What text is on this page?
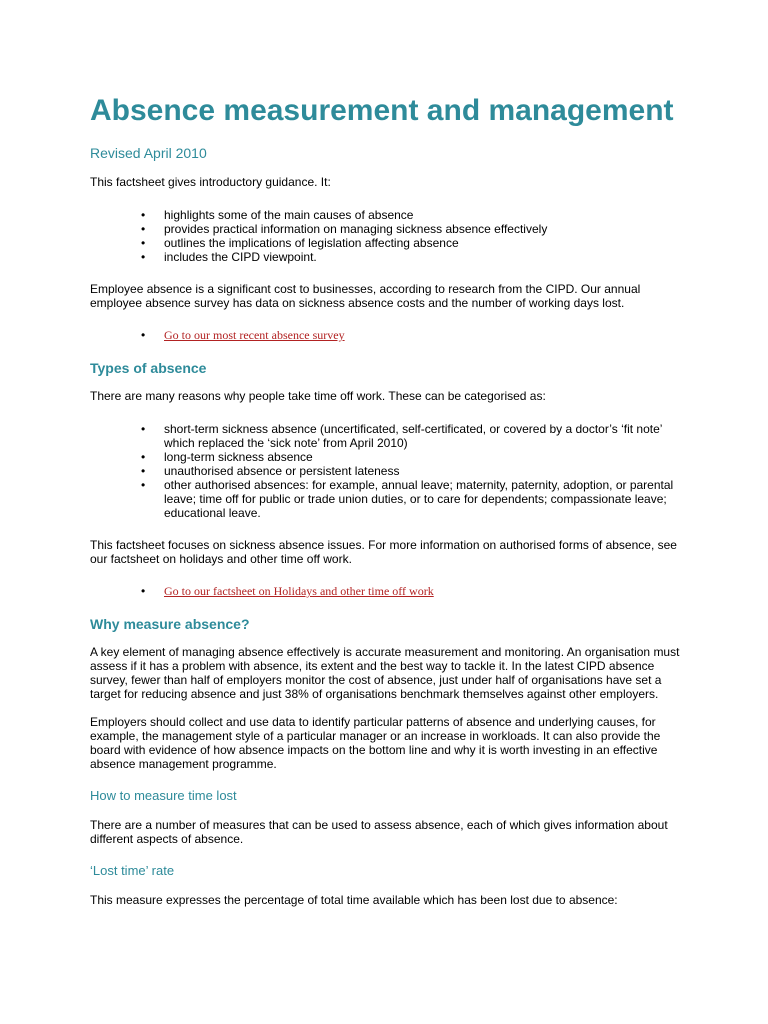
Absence measurement and management
Revised April 2010

This factsheet gives introductory guidance. It:

• highlights some of the main causes of absence
• provides practical information on managing sickness absence effectively
• outlines the implications of legislation affecting absence
• includes the CIPD viewpoint.

Employee absence is a significant cost to businesses, according to research from the CIPD. Our annual employee absence survey has data on sickness absence costs and the number of working days lost.

• Go to our most recent absence survey
Types of absence

There are many reasons why people take time off work. These can be categorised as:

• short-term sickness absence (uncertificated, self-certificated, or covered by a doctor’s ‘fit note’ which replaced the ‘sick note’ from April 2010)
• long-term sickness absence
• unauthorised absence or persistent lateness
• other authorised absences: for example, annual leave; maternity, paternity, adoption, or parental leave; time off for public or trade union duties, or to care for dependents; compassionate leave; educational leave.

This factsheet focuses on sickness absence issues. For more information on authorised forms of absence, see our factsheet on holidays and other time off work.

• Go to our factsheet on Holidays and other time off work
Why measure absence?

A key element of managing absence effectively is accurate measurement and monitoring. An organisation must assess if it has a problem with absence, its extent and the best way to tackle it. In the latest CIPD absence survey, fewer than half of employers monitor the cost of absence, just under half of organisations have set a target for reducing absence and just 38% of organisations benchmark themselves against other employers.

Employers should collect and use data to identify particular patterns of absence and underlying causes, for example, the management style of a particular manager or an increase in workloads. It can also provide the board with evidence of how absence impacts on the bottom line and why it is worth investing in an effective absence management programme.

How to measure time lost

There are a number of measures that can be used to assess absence, each of which gives information about different aspects of absence.

‘Lost time’ rate

This measure expresses the percentage of total time available which has been lost due to absence:
